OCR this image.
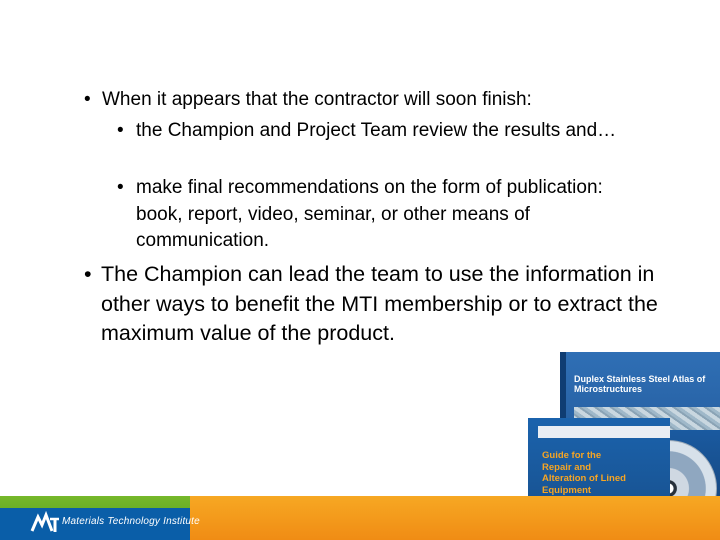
• When it appears that the contractor will soon finish:
• the Champion and Project Team review the results and…
• make final recommendations on the form of publication: book, report, video, seminar, or other means of communication.
• The Champion can lead the team to use the information in other ways to benefit the MTI membership or to extract the maximum value of the product.
Duplex Stainless Steel Atlas of Microstructures
Guide for the Repair and Alteration of Lined Equipment
Materials Technology Institute
